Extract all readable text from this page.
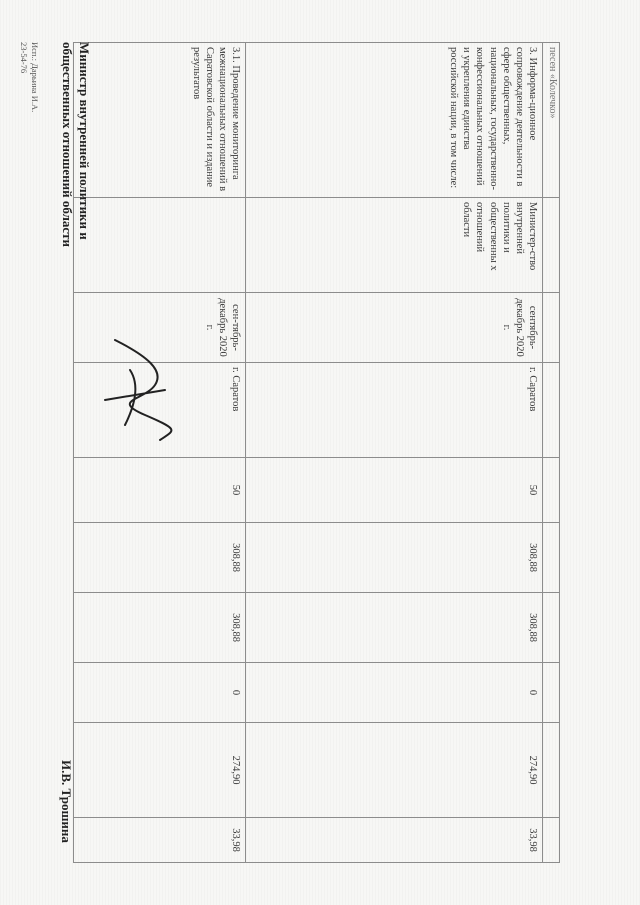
песен «Колечко»									
3. Информа-ционное сопровождение деятельности в сфере общественных, национальных, государственно-конфессиональных отношений и укрепления единства российской нации, в том числе:	Министер-ство внутренней политики и общественны х отношений области	сентябрь-декабрь 2020 г.	г. Саратов	50	308,88	308,88	0	274,90	33,98
3.1. Проведение мониторинга межнациональных отношений в Саратовской области и издание результатов		сен-тябрь-декабрь 2020 г.	г. Саратов	50	308,88	308,88	0	274,90	33,98
Министр внутренней политики и
общественных отношений области
И.В. Трошина
Исп.: Дарьина И.А.
23-54-76
